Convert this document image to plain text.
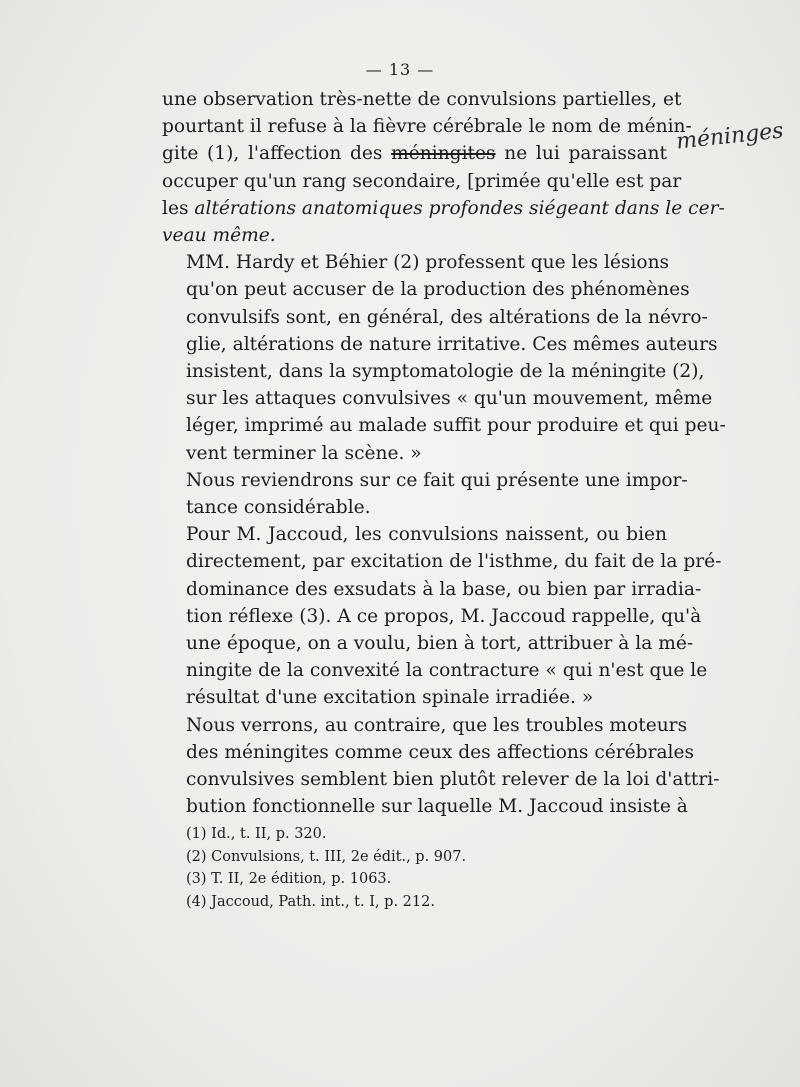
— 13 —
méninges

une observation très-nette de convulsions partielles, et
pourtant il refuse à la fièvre cérébrale le nom de ménin-
gite (1), l'affection des méningites ne lui paraissant
occuper qu'un rang secondaire, [primée qu'elle est par
les altérations anatomiques profondes siégeant dans le cer-
veau même.

MM. Hardy et Béhier (2) professent que les lésions
qu'on peut accuser de la production des phénomènes
convulsifs sont, en général, des altérations de la névro-
glie, altérations de nature irritative. Ces mêmes auteurs
insistent, dans la symptomatologie de la méningite (2),
sur les attaques convulsives « qu'un mouvement, même
léger, imprimé au malade suffit pour produire et qui peu-
vent terminer la scène. »

Nous reviendrons sur ce fait qui présente une impor-
tance considérable.

Pour M. Jaccoud, les convulsions naissent, ou bien
directement, par excitation de l'isthme, du fait de la pré-
dominance des exsudats à la base, ou bien par irradia-
tion réflexe (3). A ce propos, M. Jaccoud rappelle, qu'à
une époque, on a voulu, bien à tort, attribuer à la mé-
ningite de la convexité la contracture « qui n'est que le
résultat d'une excitation spinale irradiée. »

Nous verrons, au contraire, que les troubles moteurs
des méningites comme ceux des affections cérébrales
convulsives semblent bien plutôt relever de la loi d'attri-
bution fonctionnelle sur laquelle M. Jaccoud insiste à

(1) Id., t. II, p. 320.
(2) Convulsions, t. III, 2e édit., p. 907.
(3) T. II, 2e édition, p. 1063.
(4) Jaccoud, Path. int., t. I, p. 212.
